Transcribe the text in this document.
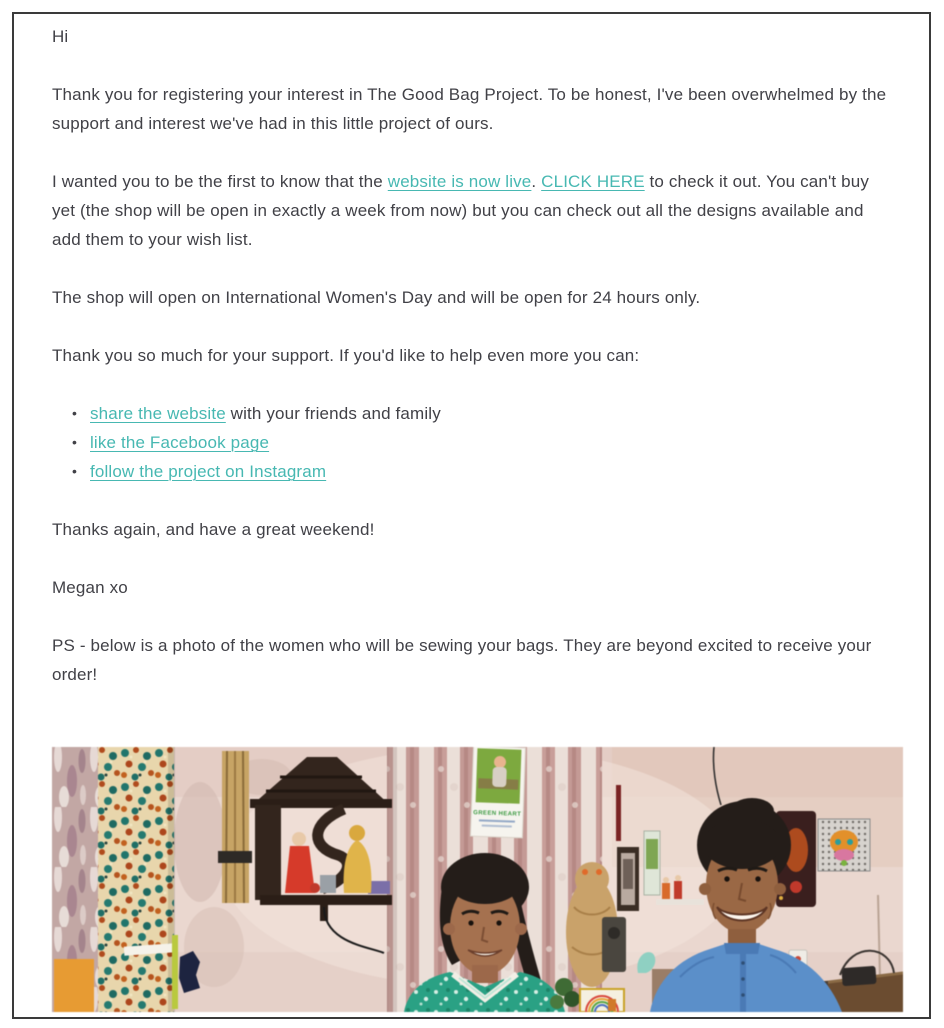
Hi

Thank you for registering your interest in The Good Bag Project. To be honest, I've been overwhelmed by the support and interest we've had in this little project of ours.

I wanted you to be the first to know that the website is now live. CLICK HERE to check it out. You can't buy yet (the shop will be open in exactly a week from now) but you can check out all the designs available and add them to your wish list.

The shop will open on International Women's Day and will be open for 24 hours only.

Thank you so much for your support. If you'd like to help even more you can:

• share the website with your friends and family
• like the Facebook page
• follow the project on Instagram

Thanks again, and have a great weekend!

Megan xo

PS - below is a photo of the women who will be sewing your bags. They are beyond excited to receive your order!

GREEN HEART
